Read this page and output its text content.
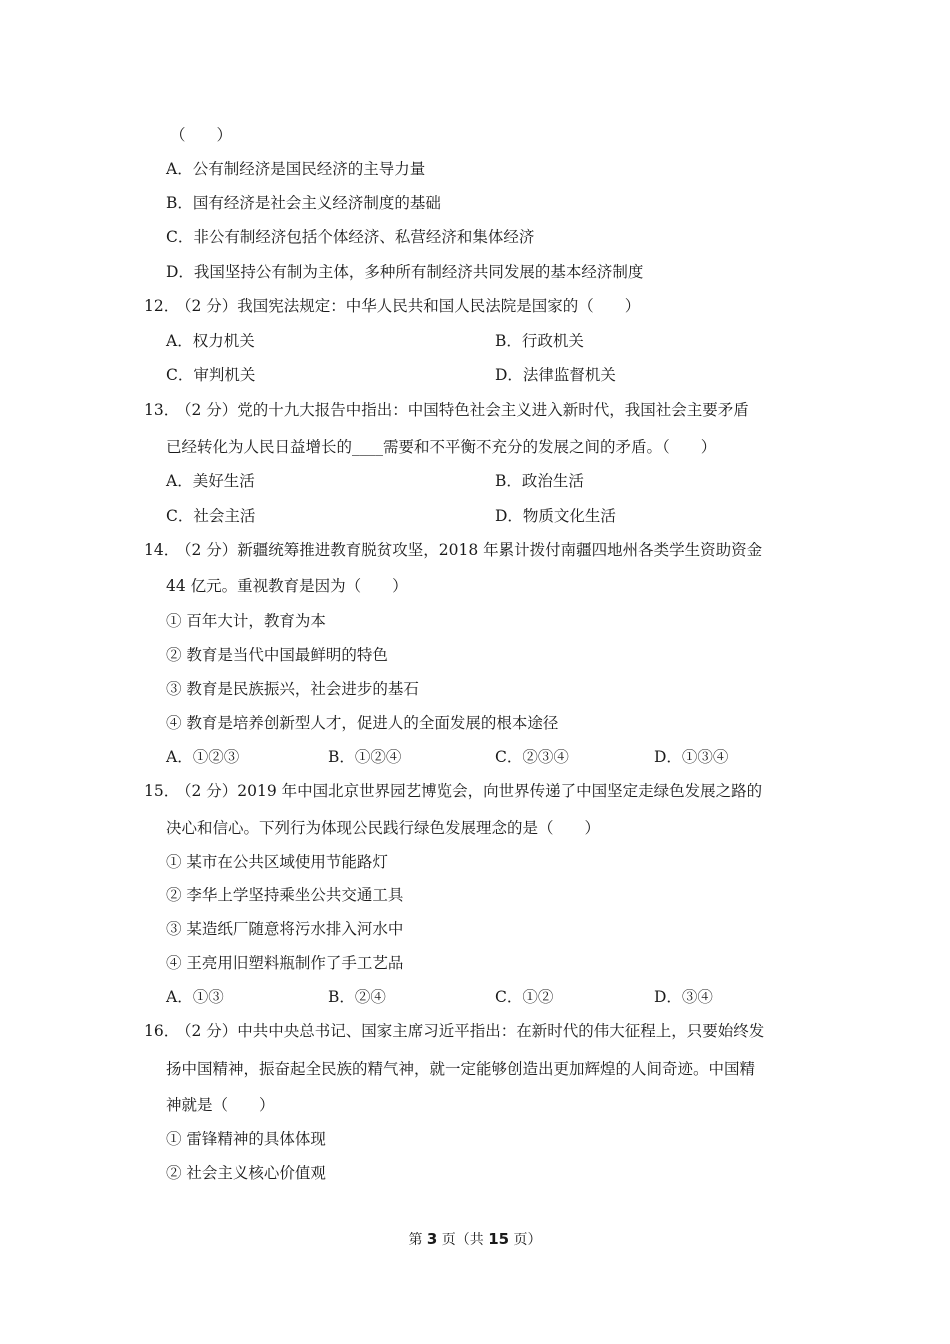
（　　）
A．公有制经济是国民经济的主导力量
B．国有经济是社会主义经济制度的基础
C．非公有制经济包括个体经济、私营经济和集体经济
D．我国坚持公有制为主体，多种所有制经济共同发展的基本经济制度
12．
（2 分）我国宪法规定：中华人民共和国人民法院是国家的（　　）
A．权力机关	B．行政机关
C．审判机关	D．法律监督机关
13．
（2 分）党的十九大报告中指出：中国特色社会主义进入新时代，我国社会主要矛盾
已经转化为人民日益增长的____需要和不平衡不充分的发展之间的矛盾。（　　）
A．美好生活	B．政治生活
C．社会主活	D．物质文化生活
14．
（2 分）新疆统筹推进教育脱贫攻坚，2018 年累计拨付南疆四地州各类学生资助资金
44 亿元。重视教育是因为（　　）
① 百年大计，教育为本
② 教育是当代中国最鲜明的特色
③ 教育是民族振兴，社会进步的基石
④ 教育是培养创新型人才，促进人的全面发展的根本途径
A．①②③	B．①②④	C．②③④	D．①③④
15．
（2 分）2019 年中国北京世界园艺博览会，向世界传递了中国坚定走绿色发展之路的
决心和信心。下列行为体现公民践行绿色发展理念的是（　　）
① 某市在公共区域使用节能路灯
② 李华上学坚持乘坐公共交通工具
③ 某造纸厂随意将污水排入河水中
④ 王亮用旧塑料瓶制作了手工艺品
A．①③	B．②④	C．①②	D．③④
16．
（2 分）中共中央总书记、国家主席习近平指出：在新时代的伟大征程上，只要始终发
扬中国精神，振奋起全民族的精气神，就一定能够创造出更加辉煌的人间奇迹。中国精
神就是（　　）
① 雷锋精神的具体体现
② 社会主义核心价值观
第 3 页（共 15 页）
